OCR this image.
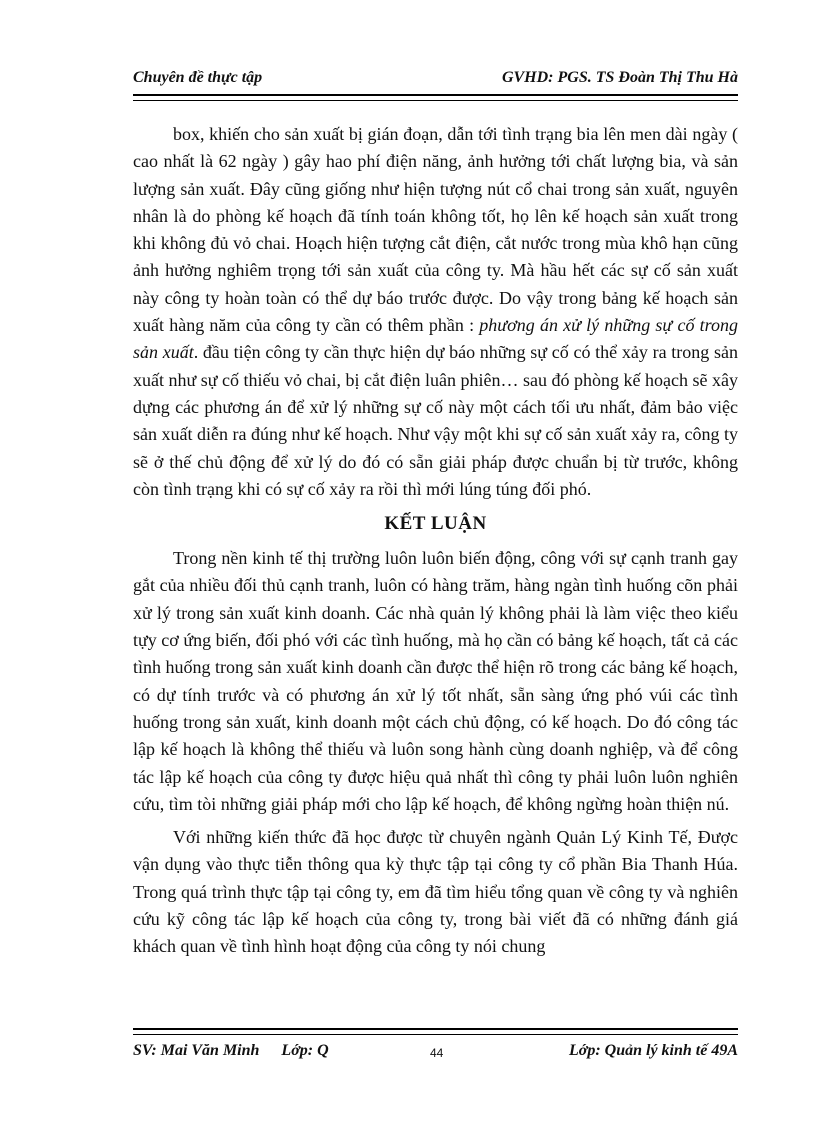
Chuyên đề thực tập	GVHD: PGS. TS Đoàn Thị Thu Hà

box, khiến cho sản xuất bị gián đoạn, dẫn tới tình trạng bia lên men dài ngày ( cao nhất là 62 ngày ) gây hao phí điện năng, ảnh hưởng tới chất lượng bia, và sản lượng sản xuất. Đây cũng giống như hiện tượng nút cổ chai trong sản xuất, nguyên nhân là do phòng kế hoạch đã tính toán không tốt, họ lên kế hoạch sản xuất trong khi không đủ vỏ chai. Hoạch hiện tượng cắt điện, cắt nước trong mùa khô hạn cũng ảnh hưởng nghiêm trọng tới sản xuất của công ty. Mà hầu hết các sự cố sản xuất này công ty hoàn toàn có thể dự báo trước được. Do vậy trong bảng kế hoạch sản xuất hàng năm của công ty cần có thêm phần : phương án xử lý những sự cố trong sản xuất. đầu tiện công ty cần thực hiện dự báo những sự cố có thể xảy ra trong sản xuất như sự cố thiếu vỏ chai, bị cắt điện luân phiên… sau đó phòng kế hoạch sẽ xây dựng các phương án để xử lý những sự cố này một cách tối ưu nhất, đảm bảo việc sản xuất diễn ra đúng như kế hoạch. Như vậy một khi sự cố sản xuất xảy ra, công ty sẽ ở thế chủ động để xử lý do đó có sẵn giải pháp được chuẩn bị từ trước, không còn tình trạng khi có sự cố xảy ra rồi thì mới lúng túng đối phó.

KẾT LUẬN

Trong nền kinh tế thị trường luôn luôn biến động, công với sự cạnh tranh gay gắt của nhiều đối thủ cạnh tranh, luôn có hàng trăm, hàng ngàn tình huống cõn phải xử lý trong sản xuất kinh doanh. Các nhà quản lý không phải là làm việc theo kiểu tựy cơ ứng biến, đối phó với các tình huống, mà họ cần có bảng kế hoạch, tất cả các tình huống trong sản xuất kinh doanh cần được thể hiện rõ trong các bảng kế hoạch, có dự tính trước và có phương án xử lý tốt nhất, sẵn sàng ứng phó vúi các tình huống trong sản xuất, kinh doanh một cách chủ động, có kế hoạch. Do đó công tác lập kế hoạch là không thể thiếu và luôn song hành cùng doanh nghiệp, và để công tác lập kế hoạch của công ty được hiệu quả nhất thì công ty phải luôn luôn nghiên cứu, tìm tòi những giải pháp mới cho lập kế hoạch, để không ngừng hoàn thiện nú.

Với những kiến thức đã học được từ chuyên ngành Quản Lý Kinh Tế, Được vận dụng vào thực tiễn thông qua kỳ thực tập tại công ty cổ phần Bia Thanh Húa. Trong quá trình thực tập tại công ty, em đã tìm hiểu tổng quan về công ty và nghiên cứu kỹ công tác lập kế hoạch của công ty, trong bài viết đã có những đánh giá khách quan về tình hình hoạt động của công ty nói chung

SV: Mai Văn Minh Lớp: Q	44	Lớp: Quản lý kinh tế 49A
